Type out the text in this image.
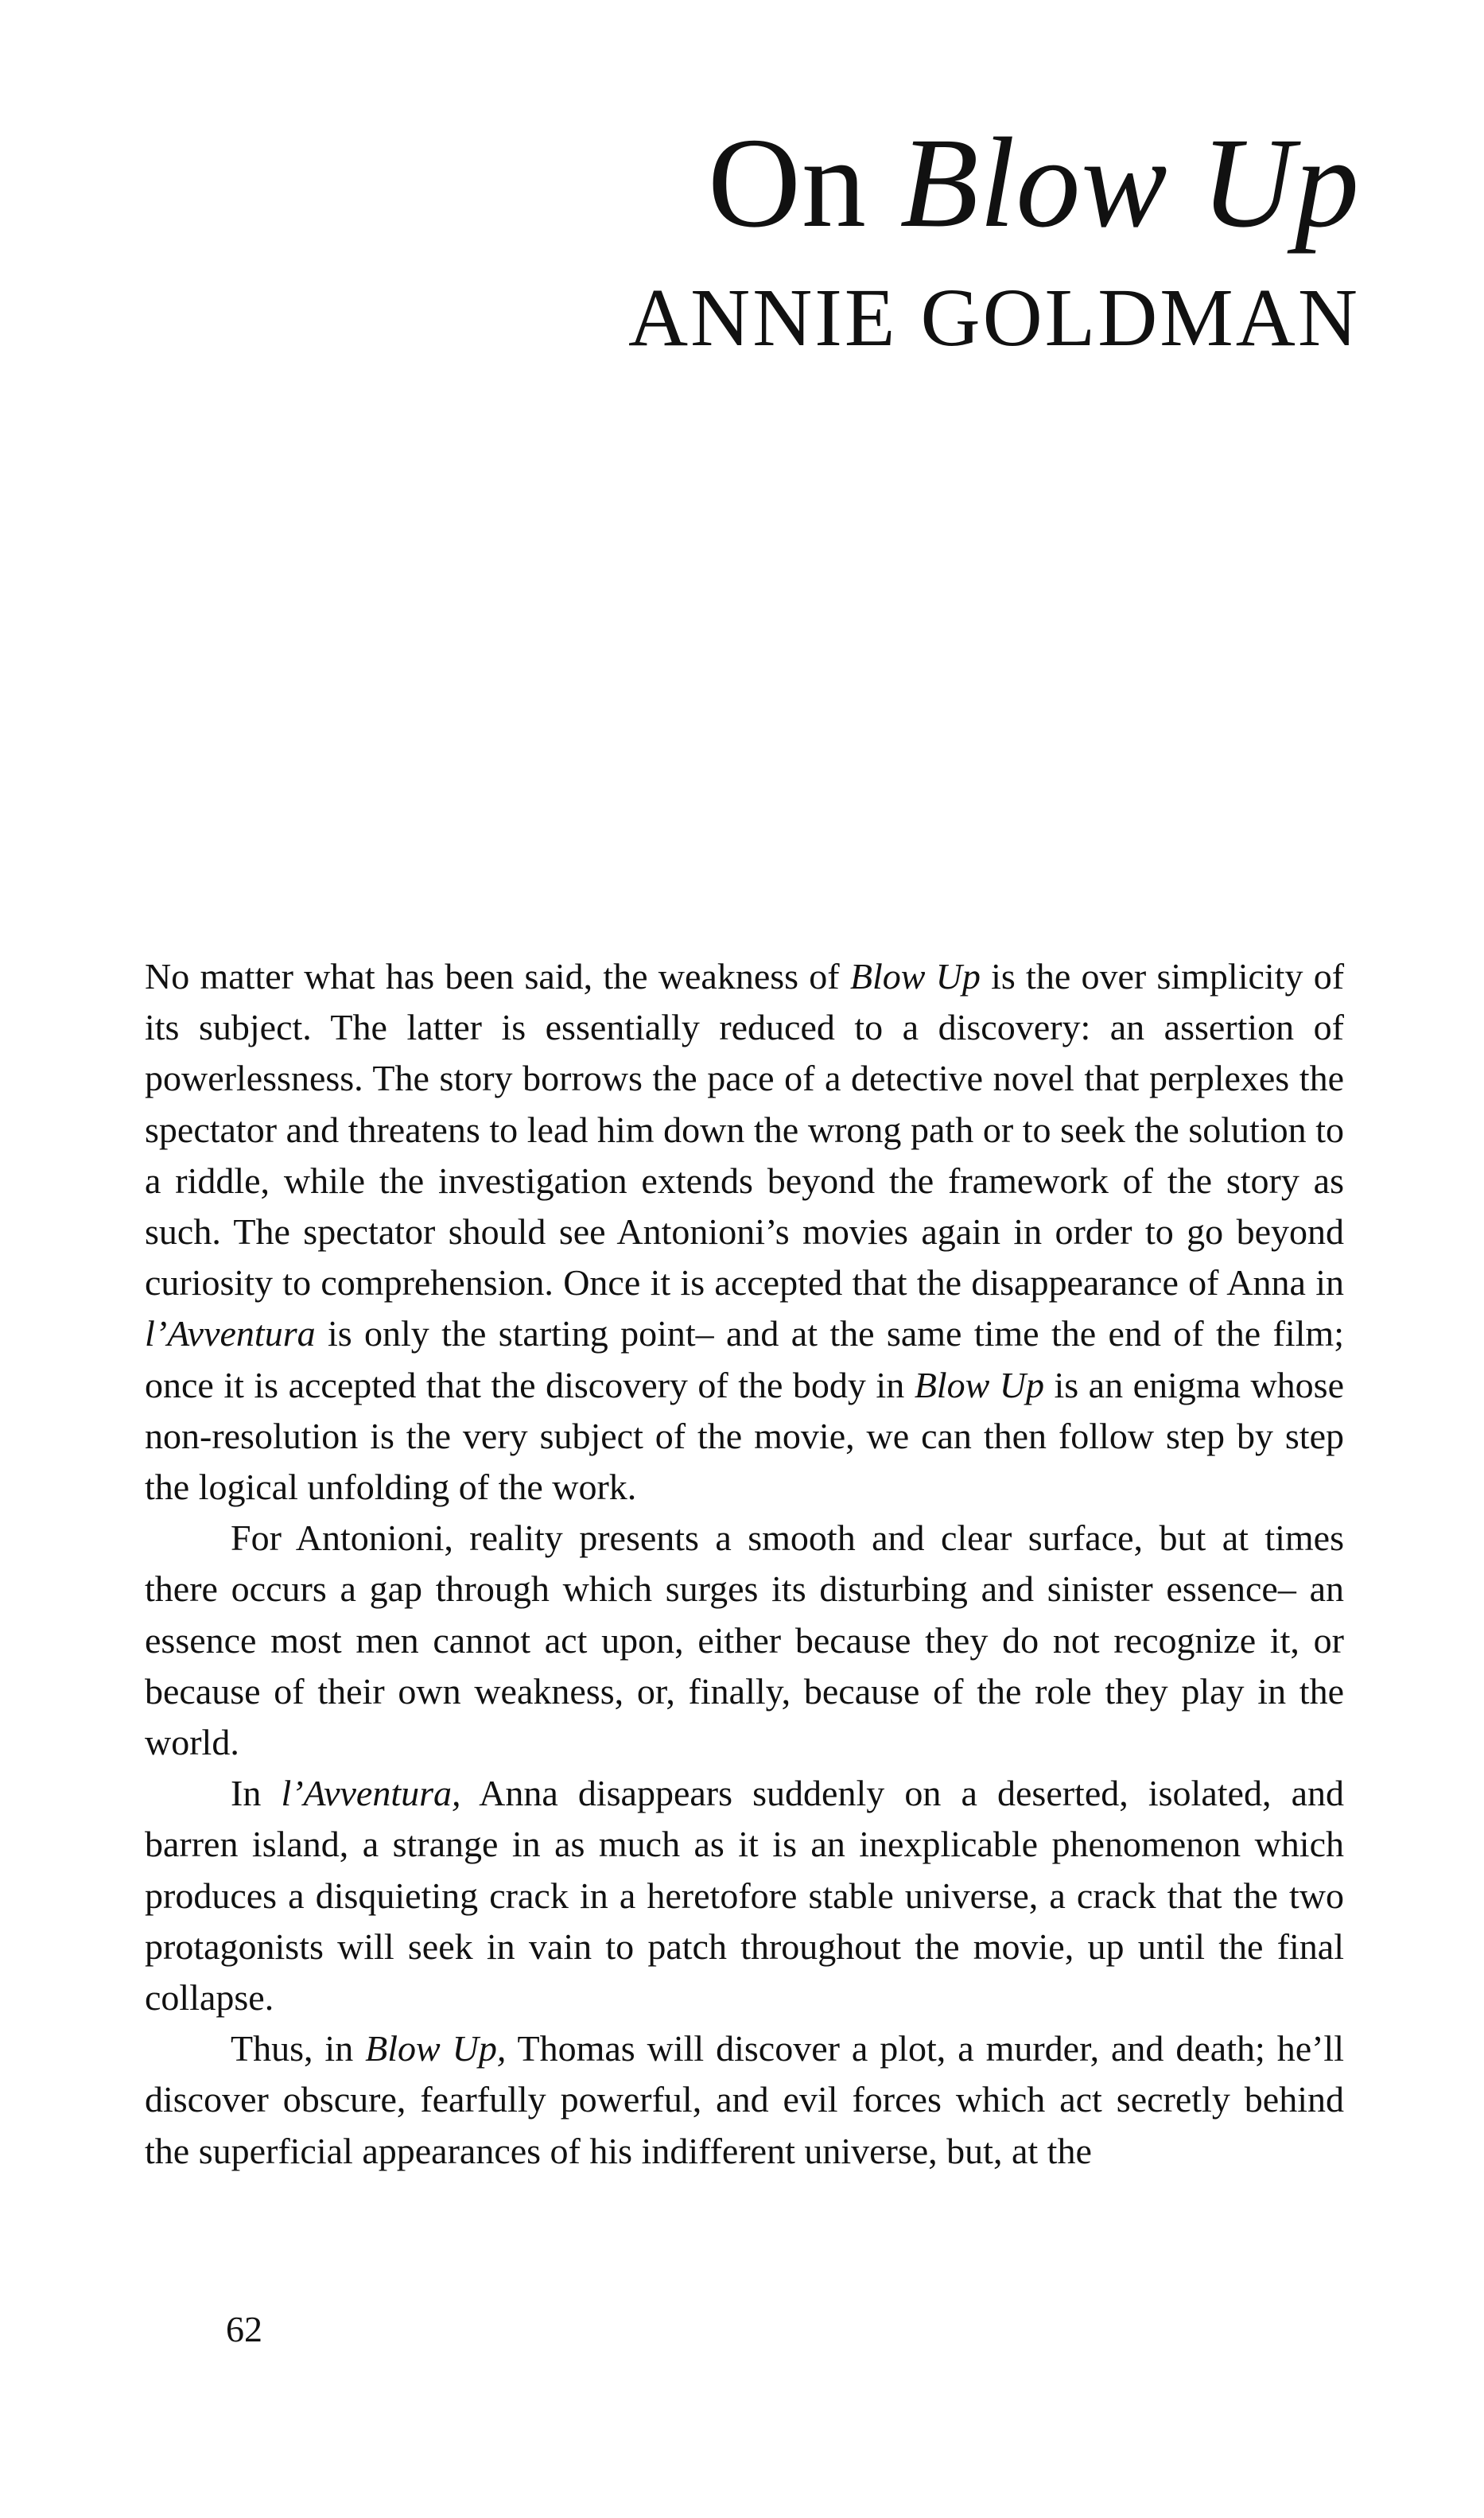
On Blow Up
ANNIE GOLDMAN

No matter what has been said, the weakness of Blow Up is the over simplicity of its subject. The latter is essentially reduced to a discovery: an assertion of powerlessness. The story borrows the pace of a detective novel that perplexes the spectator and threatens to lead him down the wrong path or to seek the solution to a riddle, while the investigation extends beyond the framework of the story as such. The spectator should see Antonioni’s movies again in order to go beyond curiosity to comprehension. Once it is accepted that the disappearance of Anna in l’Avventura is only the starting point– and at the same time the end of the film; once it is accepted that the discovery of the body in Blow Up is an enigma whose non-resolution is the very subject of the movie, we can then follow step by step the logical unfolding of the work.

For Antonioni, reality presents a smooth and clear surface, but at times there occurs a gap through which surges its disturbing and sinister essence– an essence most men cannot act upon, either because they do not recognize it, or because of their own weakness, or, finally, because of the role they play in the world.

In l’Avventura, Anna disappears suddenly on a deserted, isolated, and barren island, a strange in as much as it is an inexplicable phenomenon which produces a disquieting crack in a heretofore stable universe, a crack that the two protagonists will seek in vain to patch throughout the movie, up until the final collapse.

Thus, in Blow Up, Thomas will discover a plot, a murder, and death; he’ll discover obscure, fearfully powerful, and evil forces which act secretly behind the superficial appearances of his indifferent universe, but, at the

62
